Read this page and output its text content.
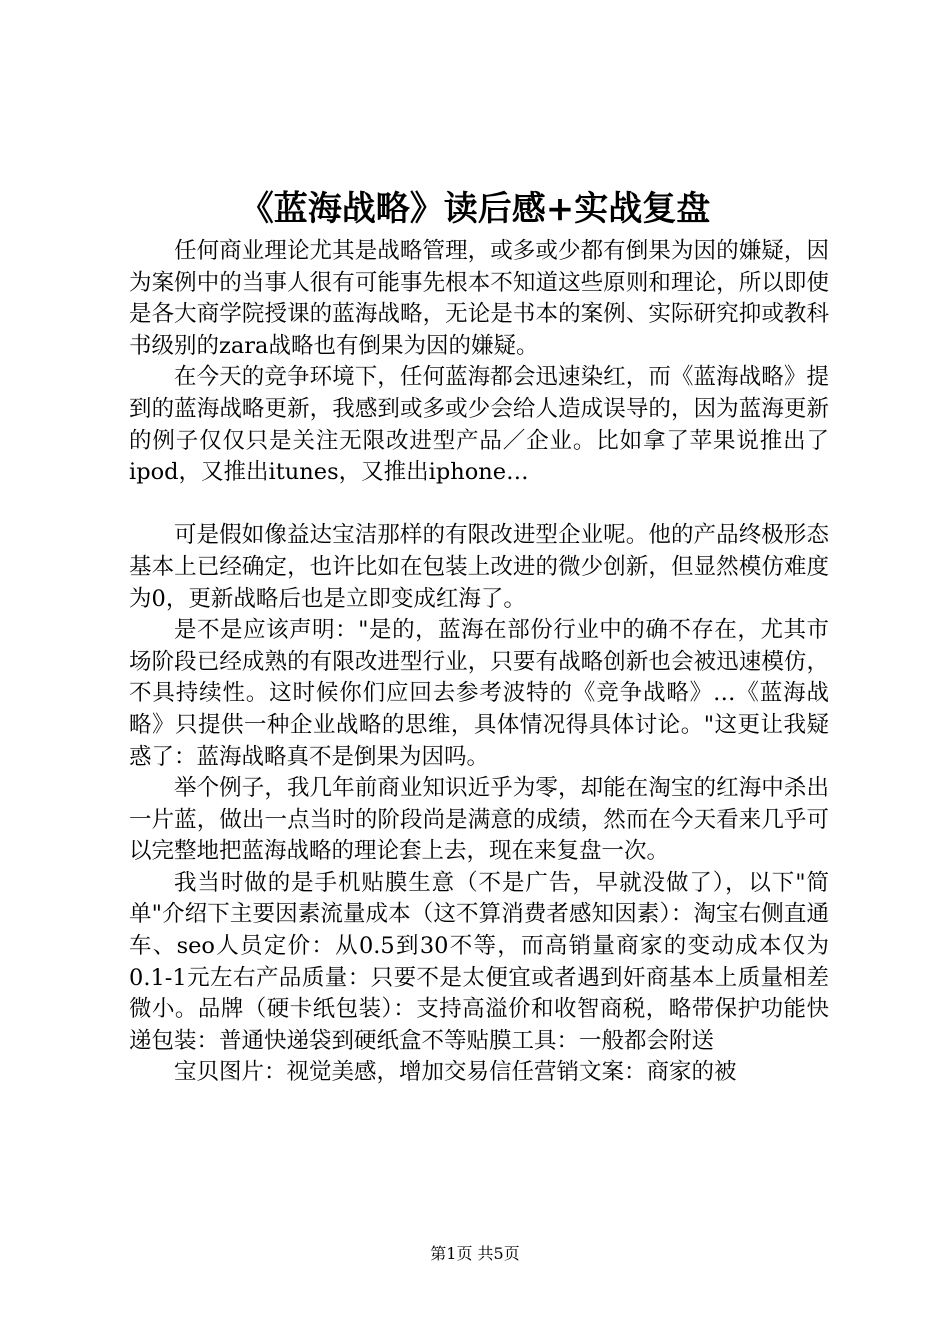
《蓝海战略》读后感+实战复盘

任何商业理论尤其是战略管理，或多或少都有倒果为因的嫌疑，因为案例中的当事人很有可能事先根本不知道这些原则和理论，所以即使是各大商学院授课的蓝海战略，无论是书本的案例、实际研究抑或教科书级别的zara战略也有倒果为因的嫌疑。

在今天的竞争环境下，任何蓝海都会迅速染红，而《蓝海战略》提到的蓝海战略更新，我感到或多或少会给人造成误导的，因为蓝海更新的例子仅仅只是关注无限改进型产品／企业。比如拿了苹果说推出了ipod，又推出itunes，又推出iphone…

可是假如像益达宝洁那样的有限改进型企业呢。他的产品终极形态基本上已经确定，也许比如在包装上改进的微少创新，但显然模仿难度为0，更新战略后也是立即变成红海了。

是不是应该声明："是的，蓝海在部份行业中的确不存在，尤其市场阶段已经成熟的有限改进型行业，只要有战略创新也会被迅速模仿，不具持续性。这时候你们应回去参考波特的《竞争战略》…《蓝海战略》只提供一种企业战略的思维，具体情况得具体讨论。"这更让我疑惑了：蓝海战略真不是倒果为因吗。

举个例子，我几年前商业知识近乎为零，却能在淘宝的红海中杀出一片蓝，做出一点当时的阶段尚是满意的成绩，然而在今天看来几乎可以完整地把蓝海战略的理论套上去，现在来复盘一次。

我当时做的是手机贴膜生意（不是广告，早就没做了），以下"简单"介绍下主要因素流量成本（这不算消费者感知因素）：淘宝右侧直通车、seo人员定价：从0.5到30不等，而高销量商家的变动成本仅为0.1-1元左右产品质量：只要不是太便宜或者遇到奸商基本上质量相差微小。品牌（硬卡纸包装）：支持高溢价和收智商税，略带保护功能快递包装：普通快递袋到硬纸盒不等贴膜工具：一般都会附送

宝贝图片：视觉美感，增加交易信任营销文案：商家的被

第1页 共5页
